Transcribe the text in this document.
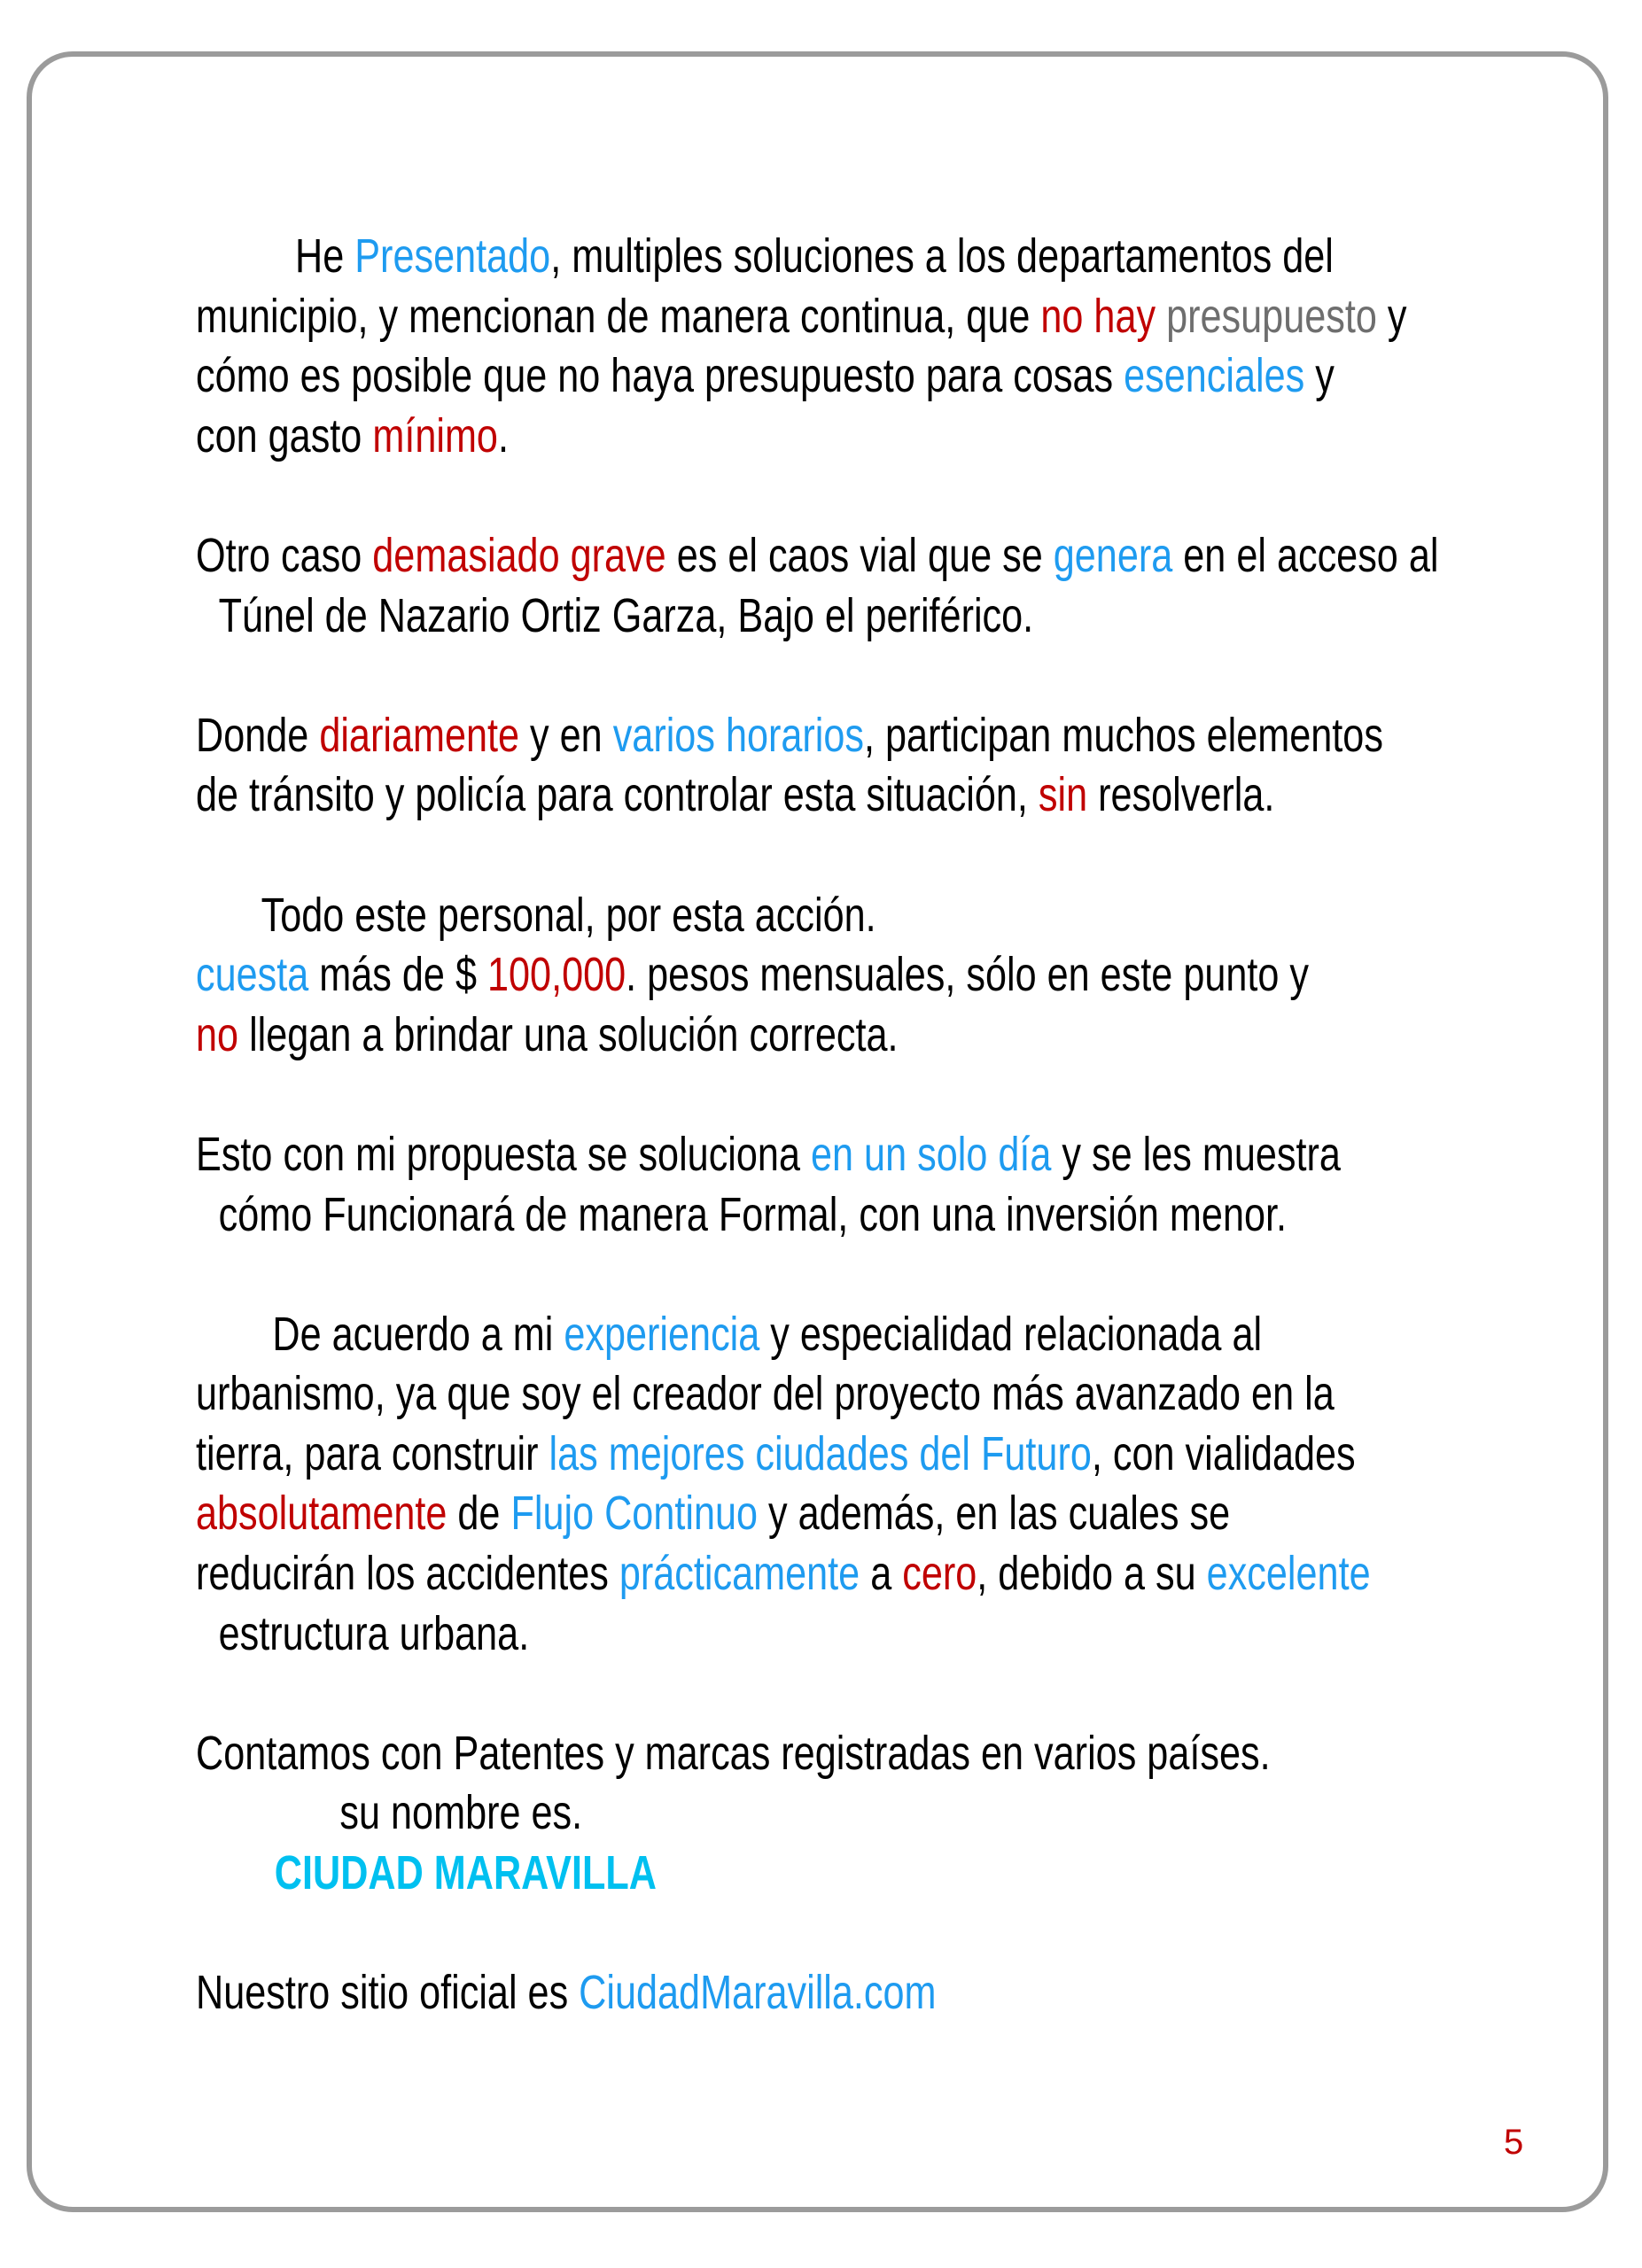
He Presentado, multiples soluciones a los departamentos del
municipio, y mencionan de manera continua, que no hay presupuesto y
cómo es posible que no haya presupuesto para cosas esenciales y
con gasto mínimo.
Otro caso demasiado grave es el caos vial que se genera en el acceso al
Túnel de Nazario Ortiz Garza, Bajo el periférico.
Donde diariamente y en varios horarios, participan muchos elementos
de tránsito y policía para controlar esta situación, sin resolverla.
Todo este personal, por esta acción.
cuesta más de $ 100,000. pesos mensuales, sólo en este punto y
no llegan a brindar una solución correcta.
Esto con mi propuesta se soluciona en un solo día y se les muestra
cómo Funcionará de manera Formal, con una inversión menor.
De acuerdo a mi experiencia y especialidad relacionada al
urbanismo, ya que soy el creador del proyecto más avanzado en la
tierra, para construir las mejores ciudades del Futuro, con vialidades
absolutamente de Flujo Continuo y además, en las cuales se
reducirán los accidentes prácticamente a cero, debido a su excelente
estructura urbana.
Contamos con Patentes y marcas registradas en varios países.
su nombre es.
CIUDAD MARAVILLA
Nuestro sitio oficial es CiudadMaravilla.com
5
